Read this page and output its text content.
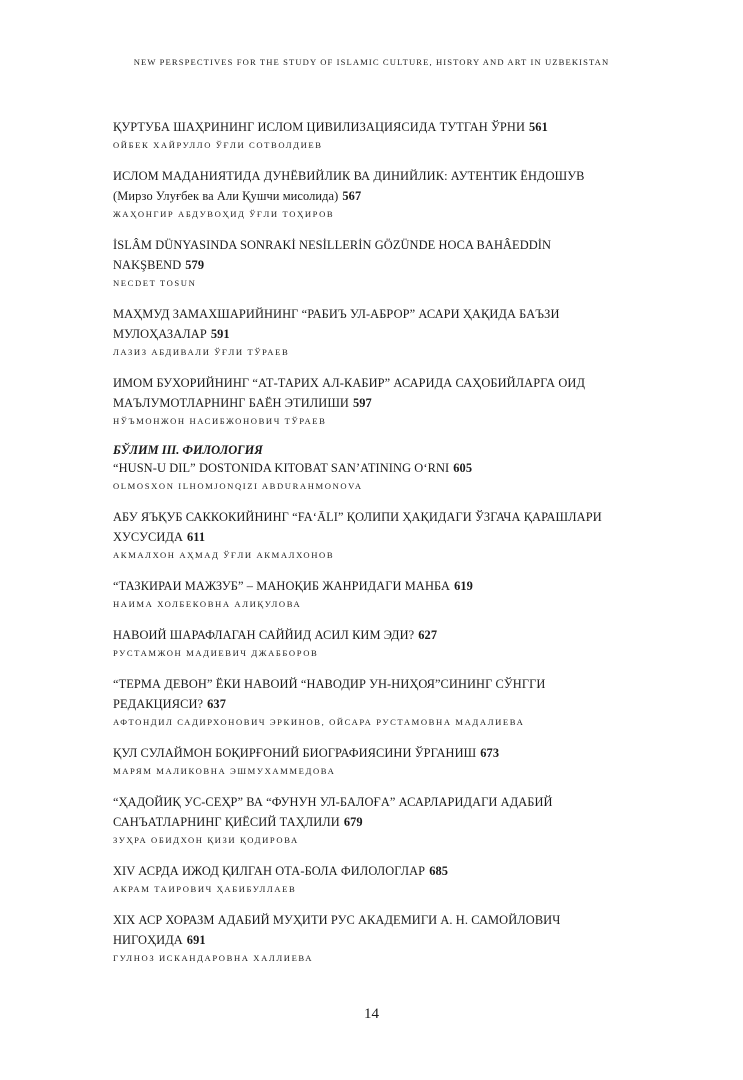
NEW PERSPECTIVES FOR THE STUDY OF ISLAMIC CULTURE, HISTORY AND ART IN UZBEKISTAN
ҚУРТУБА ШАҲРИНИНГ ИСЛОМ ЦИВИЛИЗАЦИЯСИДА ТУТГАН ЎРНИ 561
ОЙБЕК ХАЙРУЛЛО ЎҒЛИ СОТВОЛДИЕВ
ИСЛОМ МАДАНИЯТИДА ДУНЁВИЙЛИК ВА ДИНИЙЛИК: АУТЕНТИК ЁНДОШУВ
(Мирзо Улуғбек ва Али Қушчи мисолида) 567
ЖАҲОНГИР АБДУВОҲИД ЎҒЛИ ТОҲИРОВ
İSLÂM DÜNYASINDA SONRAKİ NESİLLERİN GÖZÜNDE HOCA BAHÂEDDİN
NAKŞBEND 579
NECDET TOSUN
МАҲМУД ЗАМАХШАРИЙНИНГ “РАБИЪ УЛ-АБРОР” АСАРИ ҲАҚИДА БАЪЗИ
МУЛОҲАЗАЛАР 591
ЛАЗИЗ АБДИВАЛИ ЎҒЛИ ТЎРАЕВ
ИМОМ БУХОРИЙНИНГ “АТ-ТАРИХ АЛ-КАБИР” АСАРИДА САҲОБИЙЛАРГА ОИД
МАЪЛУМОТЛАРНИНГ БАЁН ЭТИЛИШИ 597
НЎЪМОНЖОН НАСИБЖОНОВИЧ ТЎРАЕВ
БЎЛИМ III. ФИЛОЛОГИЯ
“HUSN-U DIL” DOSTONIDA KITOBAT SAN’ATINING O‘RNI 605
OLMOSXON ILHOMJONQIZI ABDURAHMONOVA
АБУ ЯЪҚУБ САККОКИЙНИНГ “FA‘ĀLI” ҚОЛИПИ ҲАҚИДАГИ ЎЗГАЧА ҚАРАШЛАРИ
ХУСУСИДА 611
АКМАЛХОН АҲМАД ЎҒЛИ АКМАЛХОНОВ
“ТАЗКИРАИ МАЖЗУБ” – МАНОҚИБ ЖАНРИДАГИ МАНБА 619
НАИМА ХОЛБЕКОВНА АЛИҚУЛОВА
НАВОИЙ ШАРАФЛАГАН САЙЙИД АСИЛ КИМ ЭДИ? 627
РУСТАМЖОН МАДИЕВИЧ ДЖАББОРОВ
“ТЕРМА ДЕВОН” ЁКИ НАВОИЙ “НАВОДИР УН-НИҲОЯ”СИНИНГ СЎНГГИ
РЕДАКЦИЯСИ? 637
АФТОНДИЛ САДИРХОНОВИЧ ЭРКИНОВ, ОЙСАРА РУСТАМОВНА МАДАЛИЕВА
ҚУЛ СУЛАЙМОН БОҚИРҒОНИЙ БИОГРАФИЯСИНИ ЎРГАНИШ 673
МАРЯМ МАЛИКОВНА ЭШМУХАММЕДОВА
“ҲАДОЙИҚ УС-СЕҲР” ВА “ФУНУН УЛ-БАЛОҒА” АСАРЛАРИДАГИ АДАБИЙ
САНЪАТЛАРНИНГ ҚИЁСИЙ ТАҲЛИЛИ 679
ЗУҲРА ОБИДХОН ҚИЗИ ҚОДИРОВА
XIV АСРДА ИЖОД ҚИЛГАН ОТА-БОЛА ФИЛОЛОГЛАР 685
АКРАМ ТАИРОВИЧ ҲАБИБУЛЛАЕВ
XIX АСР ХОРАЗМ АДАБИЙ МУҲИТИ РУС АКАДЕМИГИ А. Н. САМОЙЛОВИЧ
НИГОҲИДА 691
ГУЛНОЗ ИСКАНДАРОВНА ХАЛЛИЕВА
14
